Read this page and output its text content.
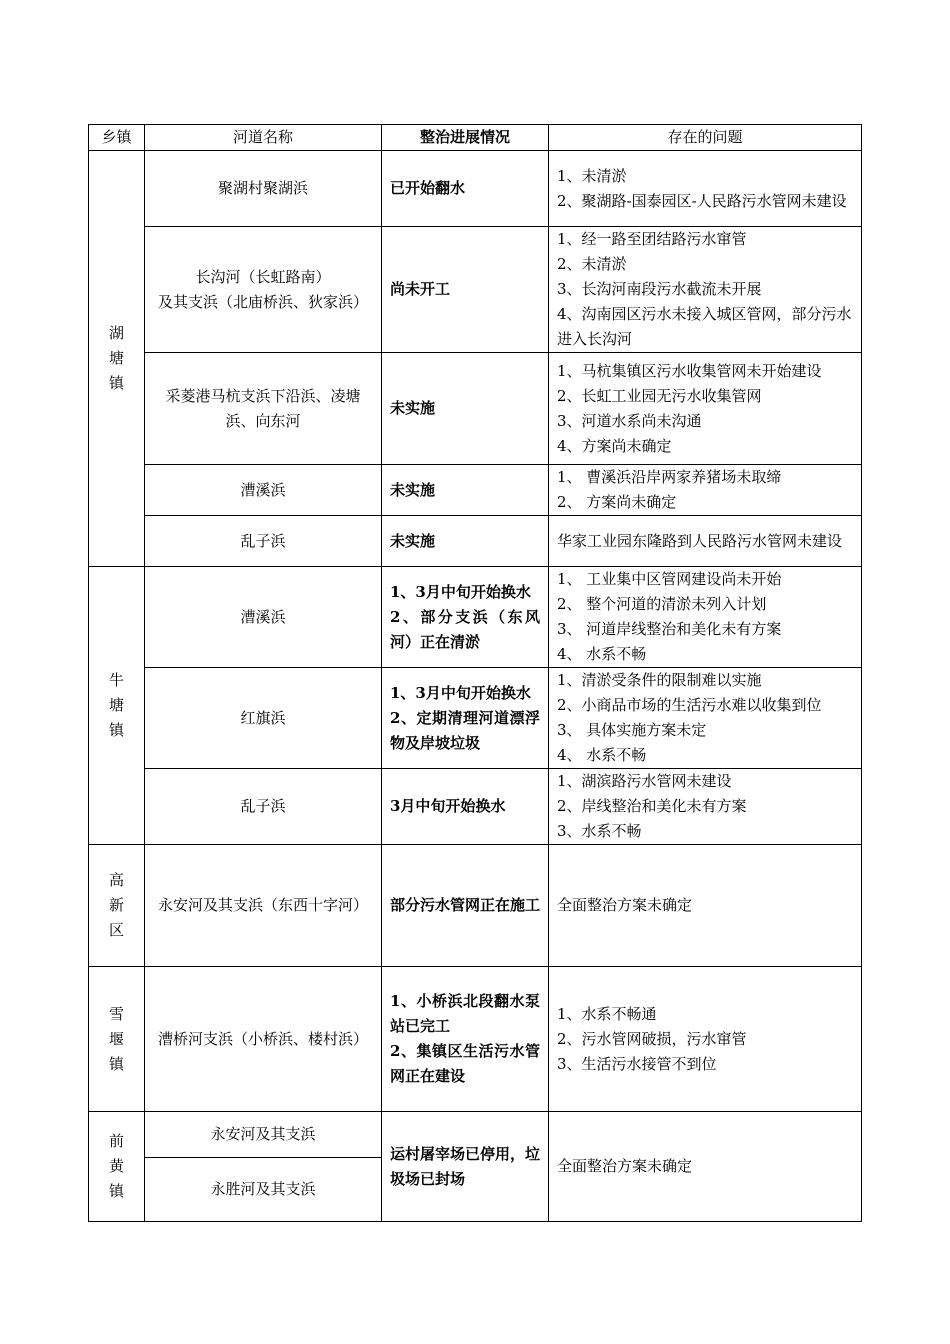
乡镇	河道名称	整治进展情况	存在的问题

湖塘镇	聚湖村聚湖浜	已开始翻水	1、未清淤
2、聚湖路-国泰园区-人民路污水管网未建设

	长沟河（长虹路南）
及其支浜（北庙桥浜、狄家浜）	尚未开工	1、经一路至团结路污水窜管
2、未清淤
3、长沟河南段污水截流未开展
4、沟南园区污水未接入城区管网，部分污水进入长沟河

	采菱港马杭支浜下沿浜、凌塘浜、向东河	未实施	1、马杭集镇区污水收集管网未开始建设
2、长虹工业园无污水收集管网
3、河道水系尚未沟通
4、方案尚未确定

	漕溪浜	未实施	1、 曹溪浜沿岸两家养猪场未取缔
2、 方案尚未确定

	乱子浜	未实施	华家工业园东隆路到人民路污水管网未建设

牛塘镇	漕溪浜	1、3月中旬开始换水
2、部分支浜（东风河）正在清淤	1、 工业集中区管网建设尚未开始
2、 整个河道的清淤未列入计划
3、 河道岸线整治和美化未有方案
4、 水系不畅

	红旗浜	1、3月中旬开始换水
2、定期清理河道漂浮物及岸坡垃圾	1、清淤受条件的限制难以实施
2、小商品市场的生活污水难以收集到位
3、 具体实施方案未定
4、 水系不畅

	乱子浜	3月中旬开始换水	1、湖滨路污水管网未建设
2、岸线整治和美化未有方案
3、水系不畅

高新区	永安河及其支浜（东西十字河）	部分污水管网正在施工	全面整治方案未确定

雪堰镇	漕桥河支浜（小桥浜、楼村浜）	1、小桥浜北段翻水泵站已完工
2、集镇区生活污水管网正在建设	1、水系不畅通
2、污水管网破损，污水窜管
3、生活污水接管不到位

前黄镇	永安河及其支浜	运村屠宰场已停用，垃圾场已封场	全面整治方案未确定

	永胜河及其支浜		
